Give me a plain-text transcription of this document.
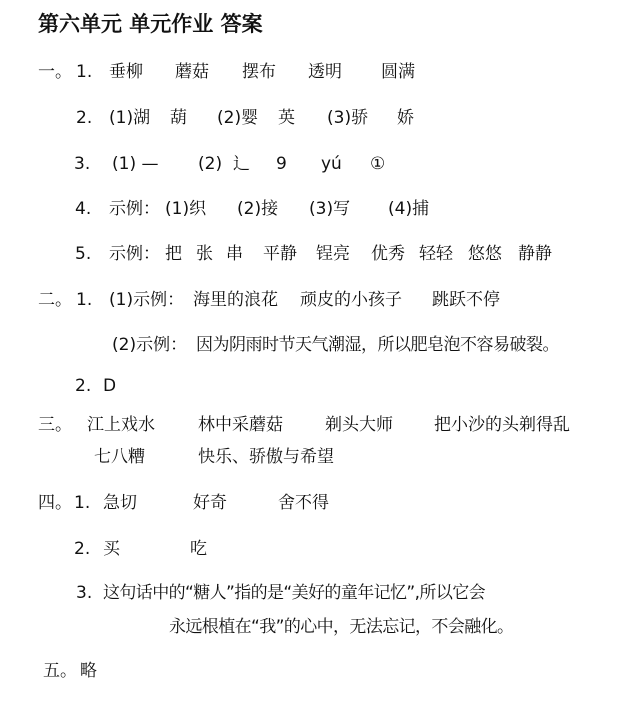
第六单元 单元作业 答案
一。 1. 垂柳 蘑菇 摆布 透明 圆满
2. (1)湖 葫 (2)婴 英 (3)骄 娇
3. (1) — (2) 辶 9 yú ①
4. 示例： (1)织 (2)接 (3)写 (4)捕
5. 示例： 把 张 串 平静 锃亮 优秀 轻轻 悠悠 静静
二。 1. (1)示例： 海里的浪花 顽皮的小孩子 跳跃不停
(2)示例： 因为阴雨时节天气潮湿，所以肥皂泡不容易破裂。
2. D
三。 江上戏水	林中采蘑菇 剃头大师 把小沙的头剃得乱
七八糟	快乐、骄傲与希望
四。 1. 急切	好奇	舍不得
2. 买	吃
3. 这句话中的“糖人”指的是“美好的童年记忆”,所以它会
永远根植在“我”的心中，无法忘记，不会融化。
五。 略
